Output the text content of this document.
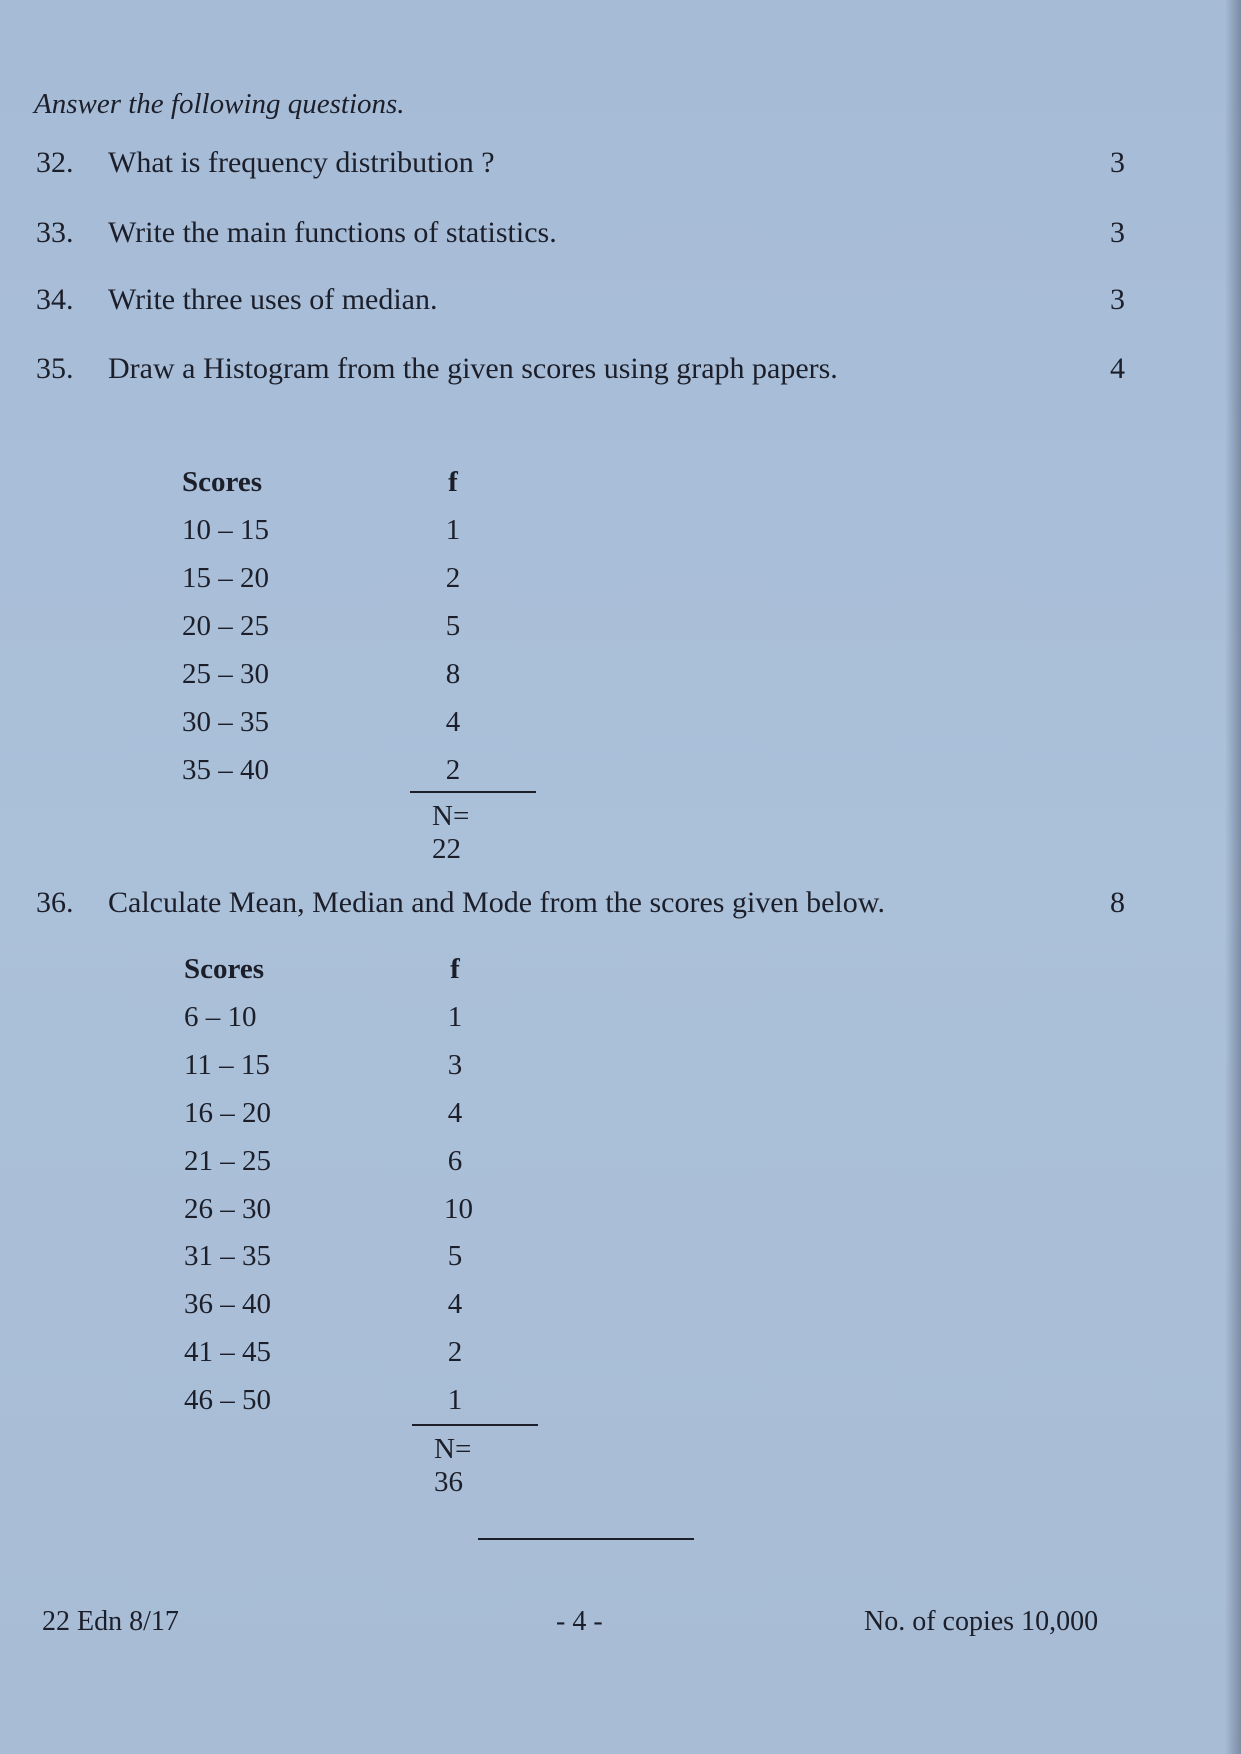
Answer the following questions.
32. What is frequency distribution ?	3
33. Write the main functions of statistics.	3
34. Write three uses of median.	3
35. Draw a Histogram from the given scores using graph papers.	4
Scores	f
10 – 15	1
15 – 20	2
20 – 25	5
25 – 30	8
30 – 35	4
35 – 40	2
N= 22
36. Calculate Mean, Median and Mode from the scores given below.	8
Scores	f
6 – 10	1
11 – 15	3
16 – 20	4
21 – 25	6
26 – 30	10
31 – 35	5
36 – 40	4
41 – 45	2
46 – 50	1
N= 36
22 Edn 8/17	- 4 -	No. of copies 10,000
